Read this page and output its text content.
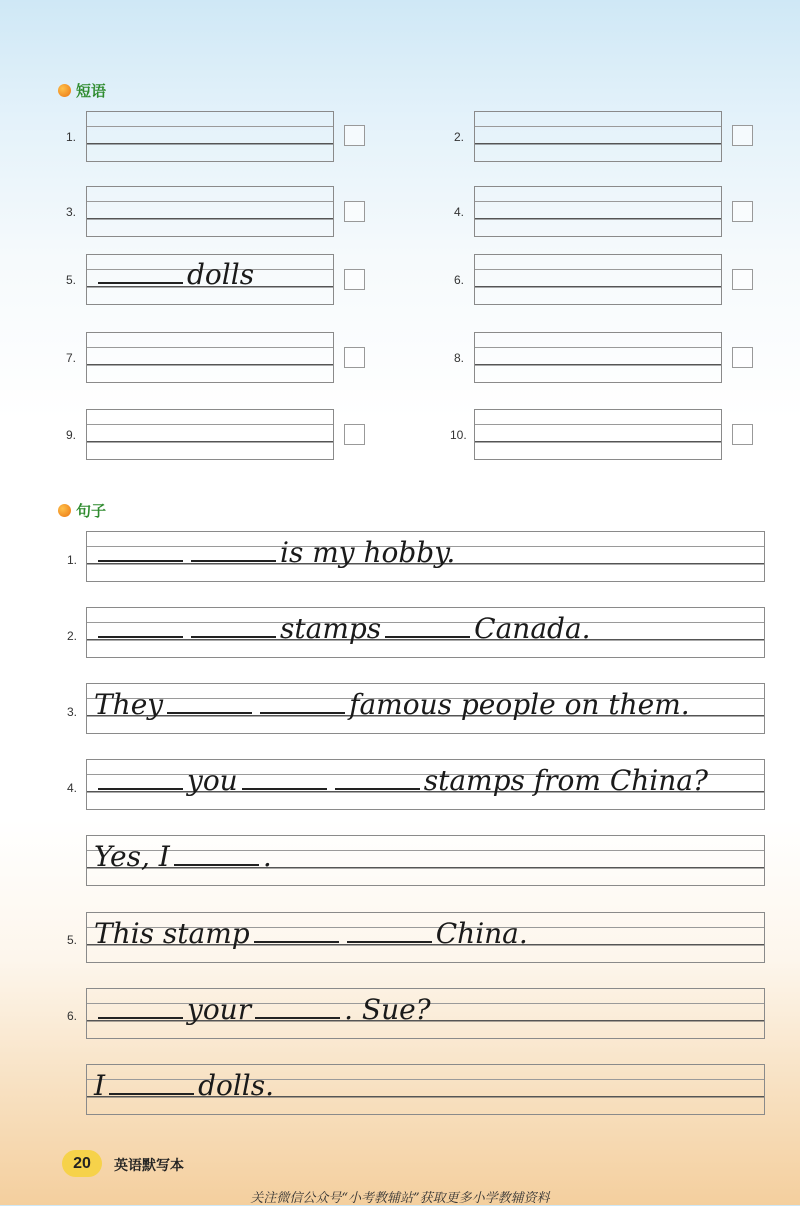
短语
1.
3.
5.	dolls
7.
9.
2.
4.
6.
8.
10.
句子
1.	is my hobby.
2.	stamps	Canada.
3. They	famous people on them.
4.	you	stamps from China?
Yes, I	.
5. This stamp	China.
6.	your	. Sue?
I	dolls.
20	英语默写本
关注微信公众号“小考教辅站”获取更多小学教辅资料
